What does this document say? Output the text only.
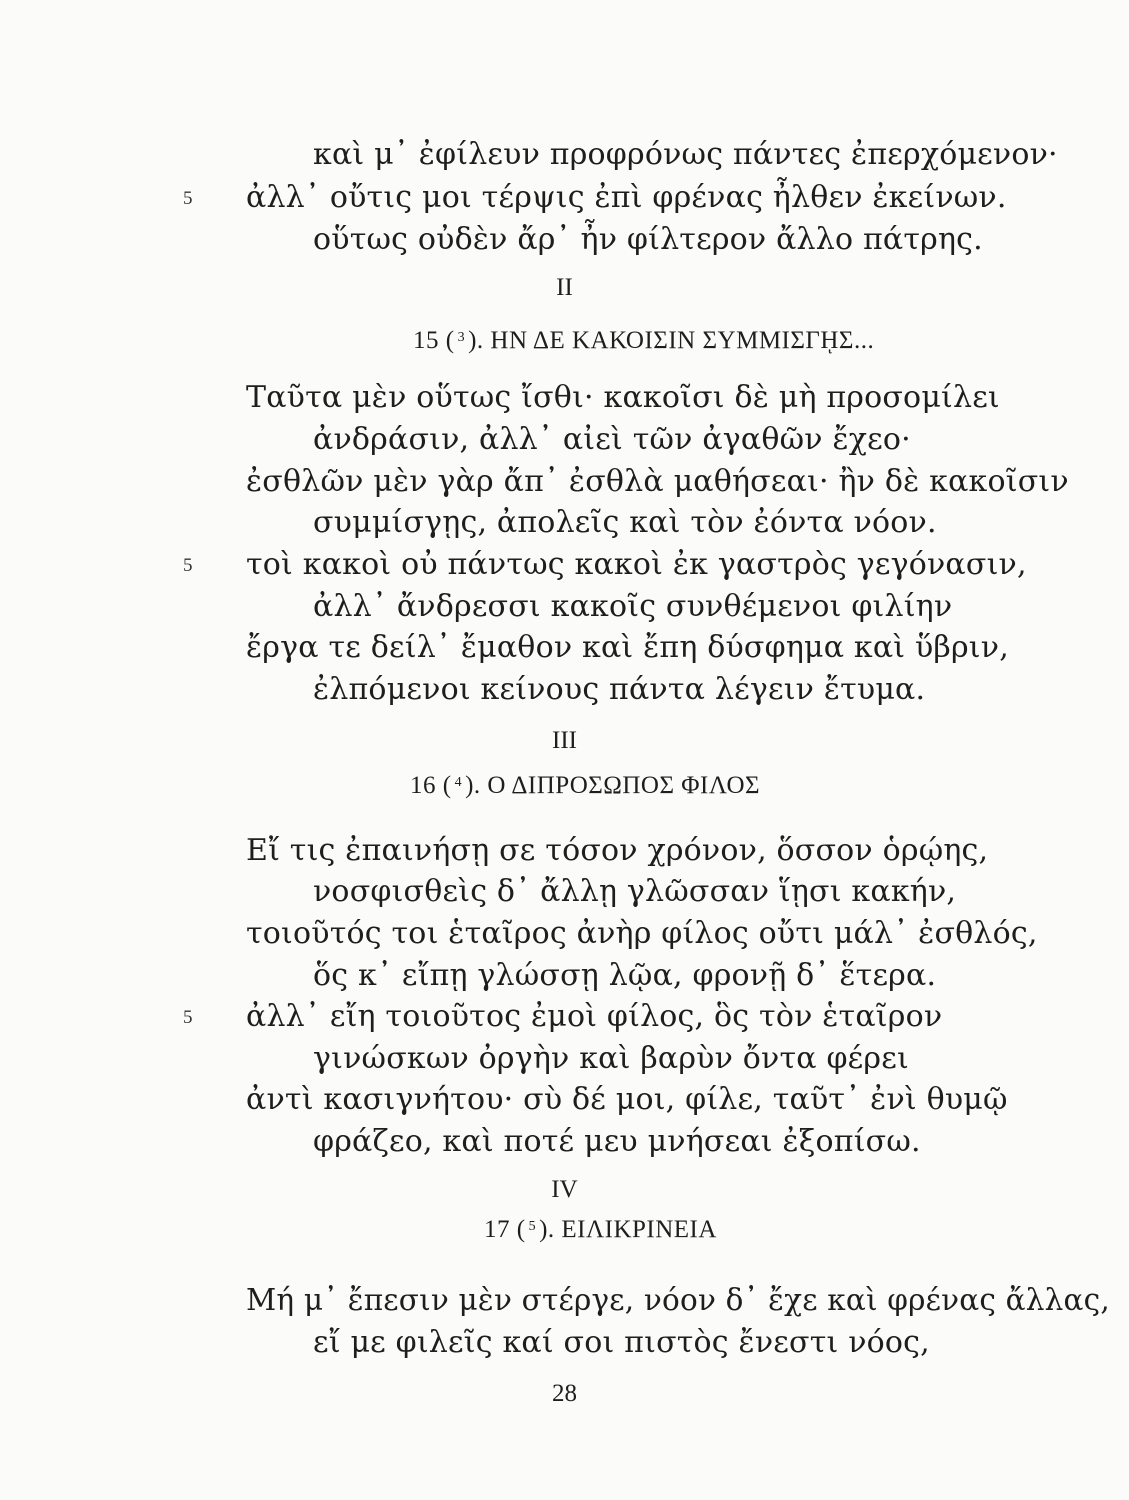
καὶ μ᾿ ἐφίλευν προφρόνως πάντες ἐπερχόμενον·
5 ἀλλ᾿ οὔτις μοι τέρψις ἐπὶ φρένας ἦλθεν ἐκείνων.
οὕτως οὐδὲν ἄρ᾿ ἦν φίλτερον ἄλλο πάτρης.
II
15 ( $^3$ ). ΗΝ ΔΕ ΚΑΚΟΙΣΙΝ ΣΥΜΜΙΣΓῌΣ...
Ταῦτα μὲν οὕτως ἴσθι· κακοῖσι δὲ μὴ προσομίλει
ἀνδράσιν, ἀλλ᾿ αἰεὶ τῶν ἀγαθῶν ἔχεο·
ἐσθλῶν μὲν γὰρ ἄπ᾿ ἐσθλὰ μαθήσεαι· ἢν δὲ κακοῖσιν
συμμίσγῃς, ἀπολεῖς καὶ τὸν ἐόντα νόον.
5 τοὶ κακοὶ οὐ πάντως κακοὶ ἐκ γαστρὸς γεγόνασιν,
ἀλλ᾿ ἄνδρεσσι κακοῖς συνθέμενοι φιλίην
ἔργα τε δείλ᾿ ἔμαθον καὶ ἔπη δύσφημα καὶ ὕβριν,
ἐλπόμενοι κείνους πάντα λέγειν ἔτυμα.
III
16 ( $^4$ ). Ο ΔΙΠΡΟΣΩΠΟΣ ΦΙΛΟΣ
Εἴ τις ἐπαινήσῃ σε τόσον χρόνον, ὅσσον ὁρῴης,
νοσφισθεὶς δ᾿ ἄλλῃ γλῶσσαν ἵῃσι κακήν,
τοιοῦτός τοι ἑταῖρος ἀνὴρ φίλος οὔτι μάλ᾿ ἐσθλός,
ὅς κ᾿ εἴπῃ γλώσσῃ λῷα, φρονῇ δ᾿ ἕτερα.
5 ἀλλ᾿ εἴη τοιοῦτος ἐμοὶ φίλος, ὃς τὸν ἑταῖρον
γινώσκων ὀργὴν καὶ βαρὺν ὄντα φέρει
ἀντὶ κασιγνήτου· σὺ δέ μοι, φίλε, ταῦτ᾿ ἐνὶ θυμῷ
φράζεο, καὶ ποτέ μευ μνήσεαι ἐξοπίσω.
IV
17 ( $^5$ ). ΕΙΛΙΚΡΙΝΕΙΑ
Μή μ᾿ ἔπεσιν μὲν στέργε, νόον δ᾿ ἔχε καὶ φρένας ἄλλας,
εἴ με φιλεῖς καί σοι πιστὸς ἔνεστι νόος,
28
